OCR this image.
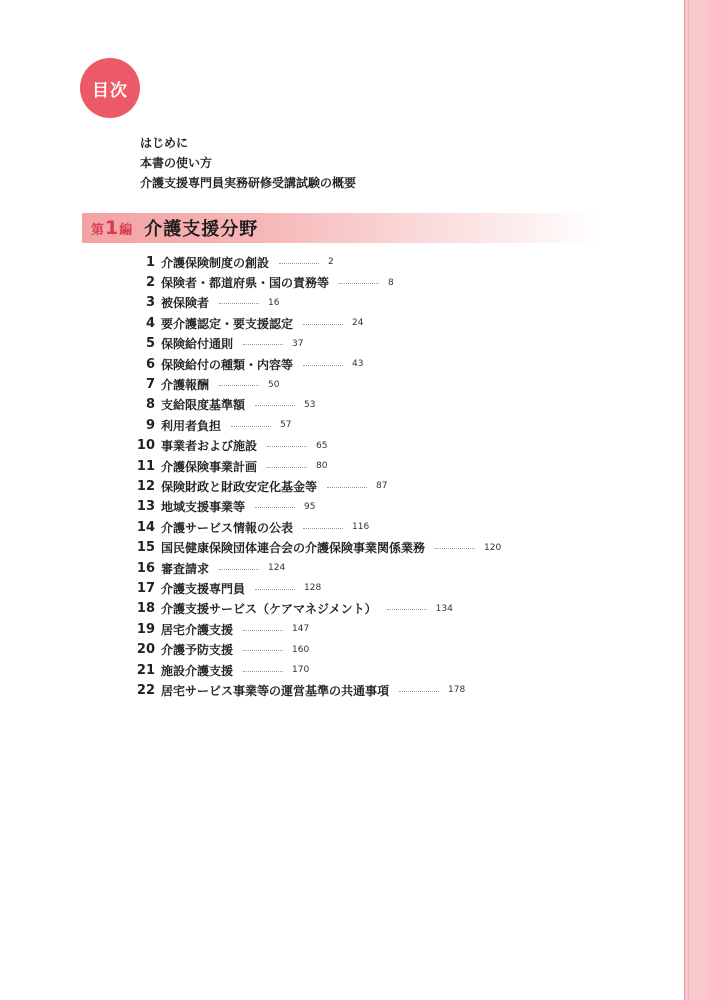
目次
はじめに
本書の使い方
介護支援専門員実務研修受講試験の概要
第 1 編 介護支援分野
1 介護保険制度の創設	2
2 保険者・都道府県・国の責務等	8
3 被保険者	16
4 要介護認定・要支援認定	24
5 保険給付通則	37
6 保険給付の種類・内容等	43
7 介護報酬	50
8 支給限度基準額	53
9 利用者負担	57
10 事業者および施設	65
11 介護保険事業計画	80
12 保険財政と財政安定化基金等	87
13 地域支援事業等	95
14 介護サービス情報の公表	116
15 国民健康保険団体連合会の介護保険事業関係業務	120
16 審査請求	124
17 介護支援専門員	128
18 介護支援サービス（ケアマネジメント）	134
19 居宅介護支援	147
20 介護予防支援	160
21 施設介護支援	170
22 居宅サービス事業等の運営基準の共通事項	178
